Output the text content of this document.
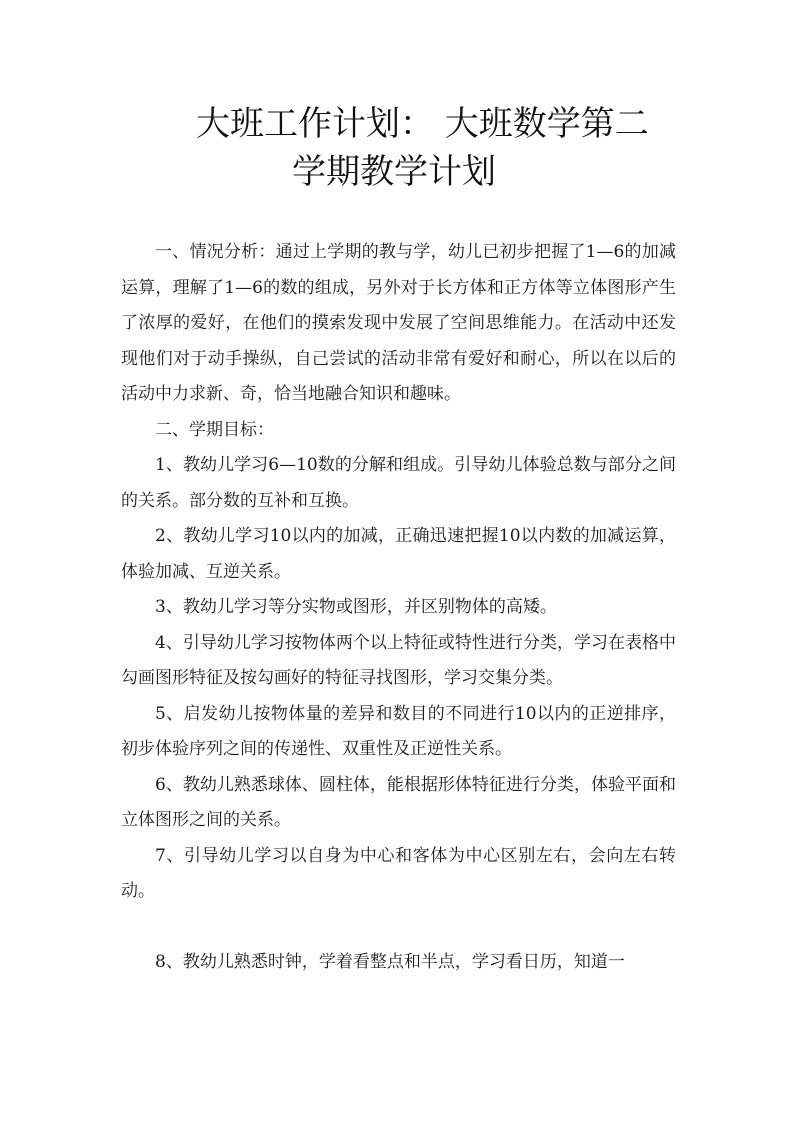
大班工作计划： 大班数学第二
学期教学计划

一、情况分析：通过上学期的教与学，幼儿已初步把握了1—6的加减运算，理解了1—6的数的组成，另外对于长方体和正方体等立体图形产生了浓厚的爱好，在他们的摸索发现中发展了空间思维能力。在活动中还发现他们对于动手操纵，自己尝试的活动非常有爱好和耐心，所以在以后的活动中力求新、奇，恰当地融合知识和趣味。

二、学期目标：

1、教幼儿学习6—10数的分解和组成。引导幼儿体验总数与部分之间的关系。部分数的互补和互换。

2、教幼儿学习10以内的加减，正确迅速把握10以内数的加减运算，体验加减、互逆关系。

3、教幼儿学习等分实物或图形，并区别物体的高矮。

4、引导幼儿学习按物体两个以上特征或特性进行分类，学习在表格中勾画图形特征及按勾画好的特征寻找图形，学习交集分类。

5、启发幼儿按物体量的差异和数目的不同进行10以内的正逆排序，初步体验序列之间的传递性、双重性及正逆性关系。

6、教幼儿熟悉球体、圆柱体，能根据形体特征进行分类，体验平面和立体图形之间的关系。

7、引导幼儿学习以自身为中心和客体为中心区别左右，会向左右转动。

8、教幼儿熟悉时钟，学着看整点和半点，学习看日历，知道一
